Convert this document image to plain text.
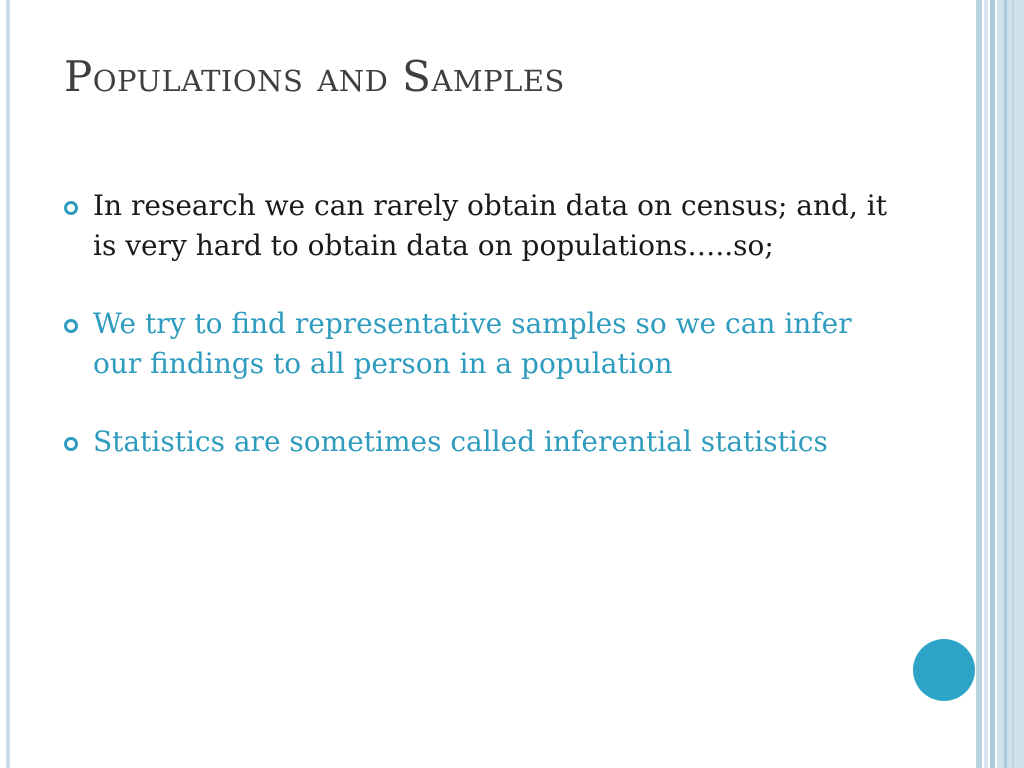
Populations and Samples
In research we can rarely obtain data on census; and, it is very hard to obtain data on populations…..so;
We try to find representative samples so we can infer our findings to all person in a population
Statistics are sometimes called inferential statistics
